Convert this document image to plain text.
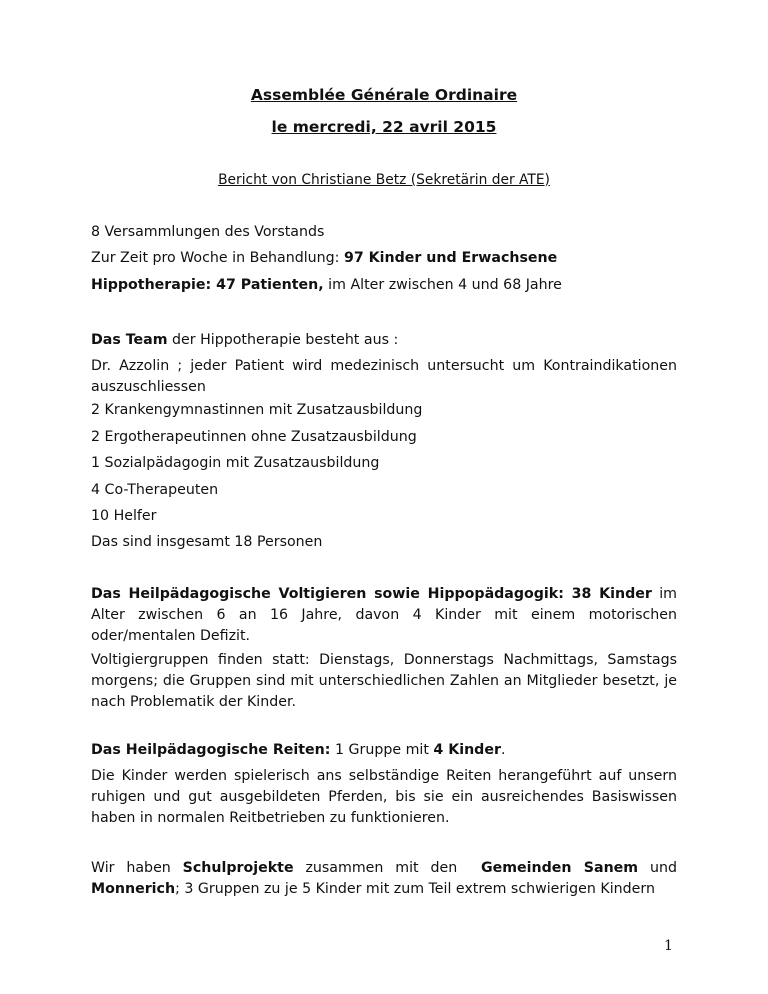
Assemblée Générale Ordinaire
le mercredi, 22 avril 2015
Bericht von Christiane Betz (Sekretärin der ATE)
8 Versammlungen des Vorstands
Zur Zeit pro Woche in Behandlung: 97 Kinder und Erwachsene
Hippotherapie: 47 Patienten, im Alter zwischen 4 und 68 Jahre
Das Team der Hippotherapie besteht aus :
Dr. Azzolin ; jeder Patient wird medezinisch untersucht um Kontraindikationen auszuschliessen
2 Krankengymnastinnen mit Zusatzausbildung
2 Ergotherapeutinnen ohne Zusatzausbildung
1 Sozialpädagogin mit Zusatzausbildung
4 Co-Therapeuten
10 Helfer
Das sind insgesamt 18 Personen
Das Heilpädagogische Voltigieren sowie Hippopädagogik: 38 Kinder im Alter zwischen 6 an 16 Jahre, davon 4 Kinder mit einem motorischen oder/mentalen Defizit.
Voltigiergruppen finden statt: Dienstags, Donnerstags Nachmittags, Samstags morgens; die Gruppen sind mit unterschiedlichen Zahlen an Mitglieder besetzt, je nach Problematik der Kinder.
Das Heilpädagogische Reiten: 1 Gruppe mit 4 Kinder.
Die Kinder werden spielerisch ans selbständige Reiten herangeführt auf unsern ruhigen und gut ausgebildeten Pferden, bis sie ein ausreichendes Basiswissen haben in normalen Reitbetrieben zu funktionieren.
Wir haben Schulprojekte zusammen mit den  Gemeinden Sanem und Monnerich; 3 Gruppen zu je 5 Kinder mit zum Teil extrem schwierigen Kindern
1
